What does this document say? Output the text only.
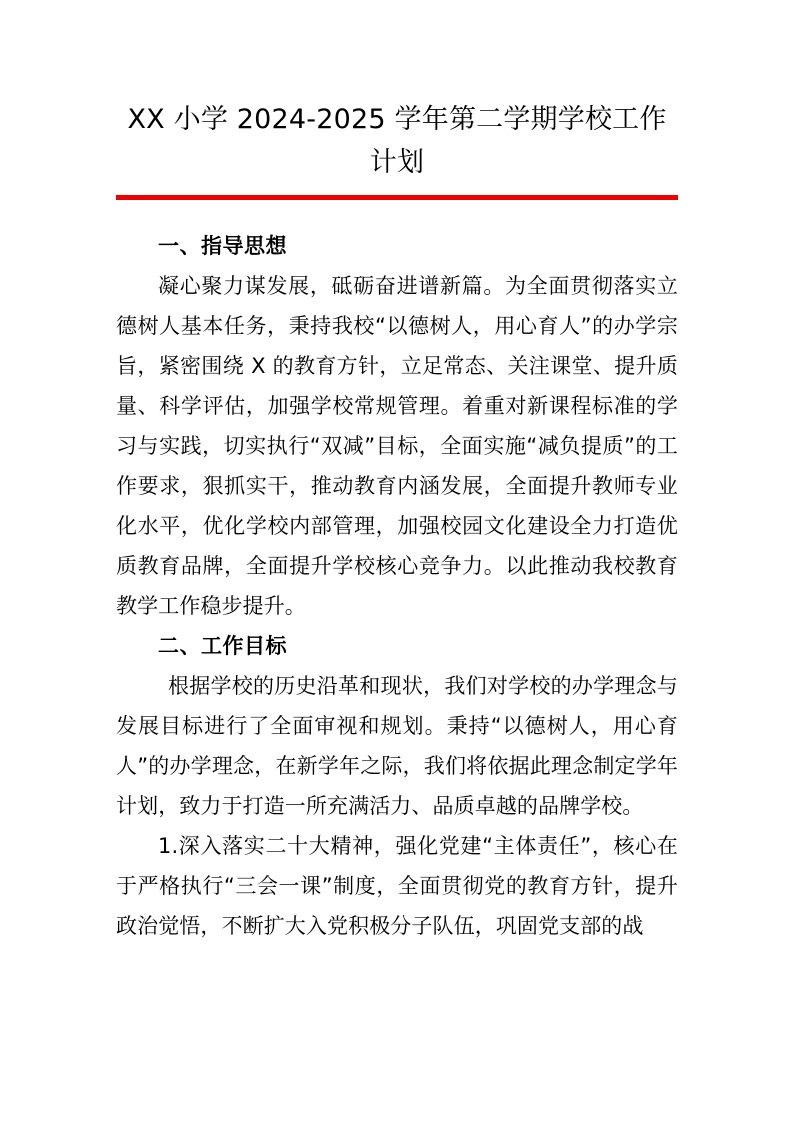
XX 小学 2024-2025 学年第二学期学校工作计划
一、指导思想

凝心聚力谋发展，砥砺奋进谱新篇。为全面贯彻落实立德树人基本任务，秉持我校“以德树人，用心育人”的办学宗旨，紧密围绕 X 的教育方针，立足常态、关注课堂、提升质量、科学评估，加强学校常规管理。着重对新课程标准的学习与实践，切实执行“双减”目标，全面实施“减负提质”的工作要求，狠抓实干，推动教育内涵发展，全面提升教师专业化水平，优化学校内部管理，加强校园文化建设全力打造优质教育品牌，全面提升学校核心竞争力。以此推动我校教育教学工作稳步提升。

二、工作目标

根据学校的历史沿革和现状，我们对学校的办学理念与发展目标进行了全面审视和规划。秉持“以德树人，用心育人”的办学理念，在新学年之际，我们将依据此理念制定学年计划，致力于打造一所充满活力、品质卓越的品牌学校。

1.深入落实二十大精神，强化党建“主体责任”，核心在于严格执行“三会一课”制度，全面贯彻党的教育方针，提升政治觉悟，不断扩大入党积极分子队伍，巩固党支部的战
